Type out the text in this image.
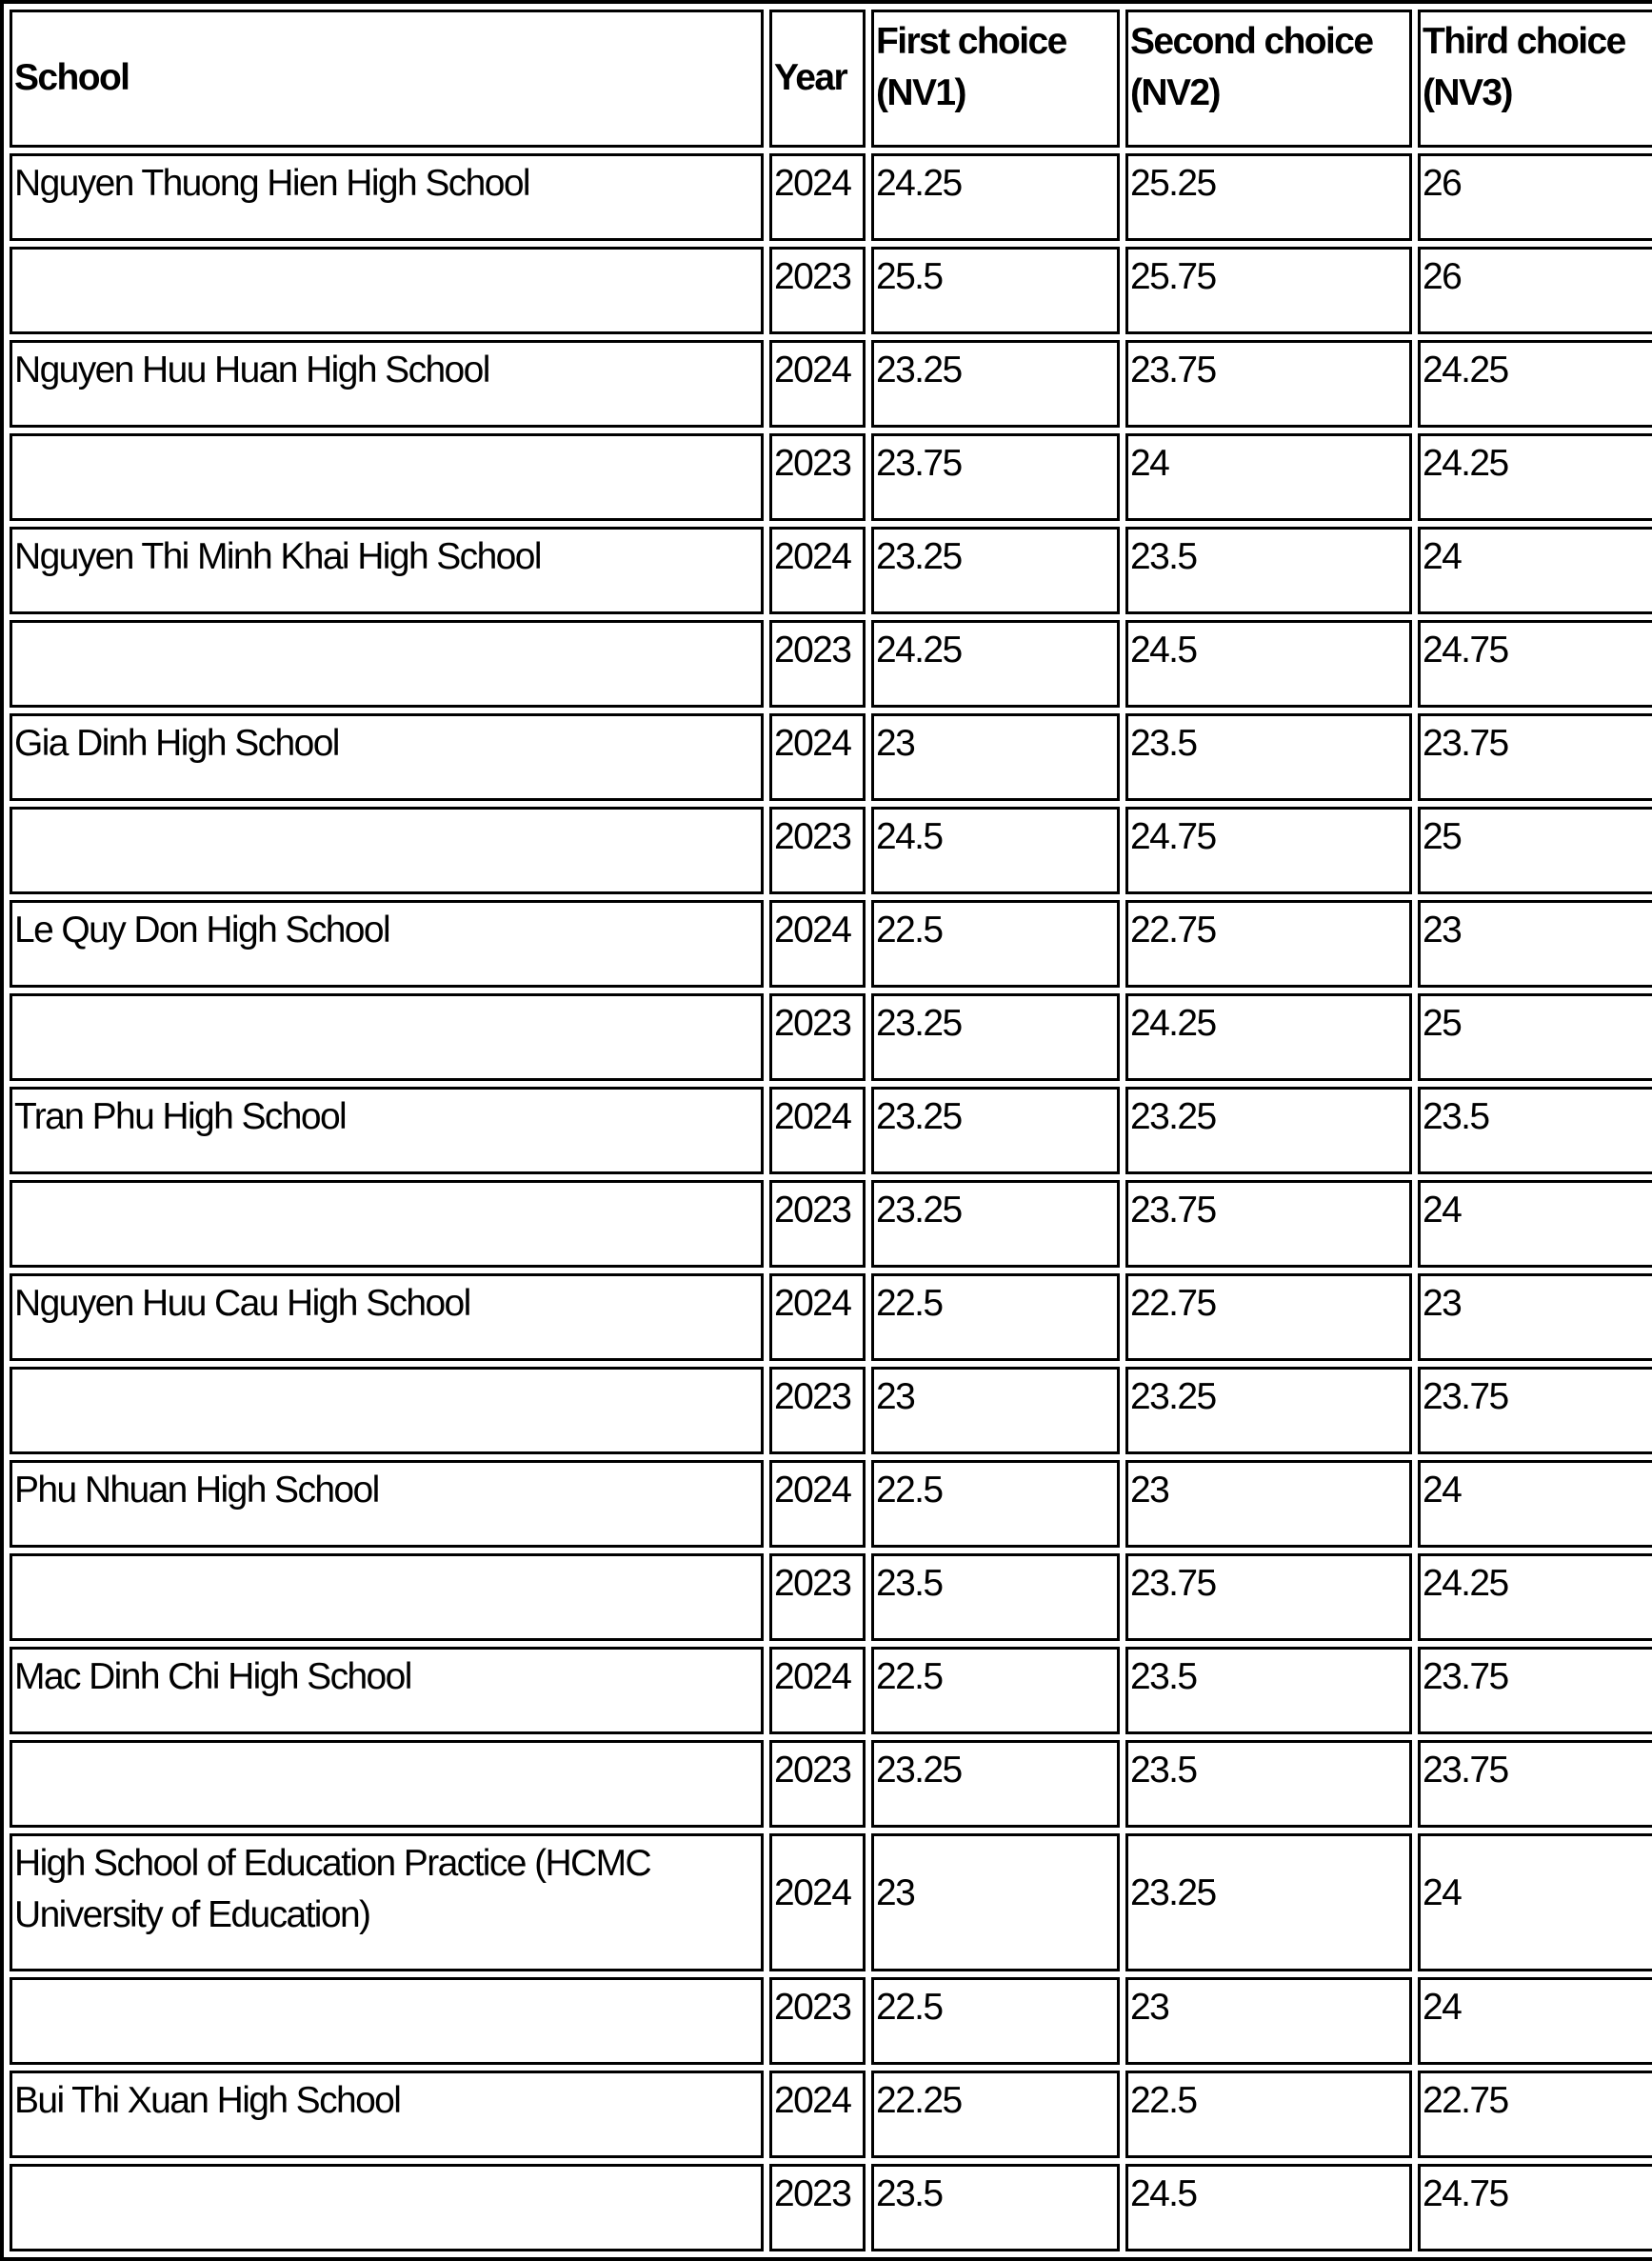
School	Year	First choice (NV1)	Second choice (NV2)	Third choice (NV3)
Nguyen Thuong Hien High School	2024	24.25	25.25	26
	2023	25.5	25.75	26
Nguyen Huu Huan High School	2024	23.25	23.75	24.25
	2023	23.75	24	24.25
Nguyen Thi Minh Khai High School	2024	23.25	23.5	24
	2023	24.25	24.5	24.75
Gia Dinh High School	2024	23	23.5	23.75
	2023	24.5	24.75	25
Le Quy Don High School	2024	22.5	22.75	23
	2023	23.25	24.25	25
Tran Phu High School	2024	23.25	23.25	23.5
	2023	23.25	23.75	24
Nguyen Huu Cau High School	2024	22.5	22.75	23
	2023	23	23.25	23.75
Phu Nhuan High School	2024	22.5	23	24
	2023	23.5	23.75	24.25
Mac Dinh Chi High School	2024	22.5	23.5	23.75
	2023	23.25	23.5	23.75
High School of Education Practice (HCMC University of Education)	2024	23	23.25	24
	2023	22.5	23	24
Bui Thi Xuan High School	2024	22.25	22.5	22.75
	2023	23.5	24.5	24.75
